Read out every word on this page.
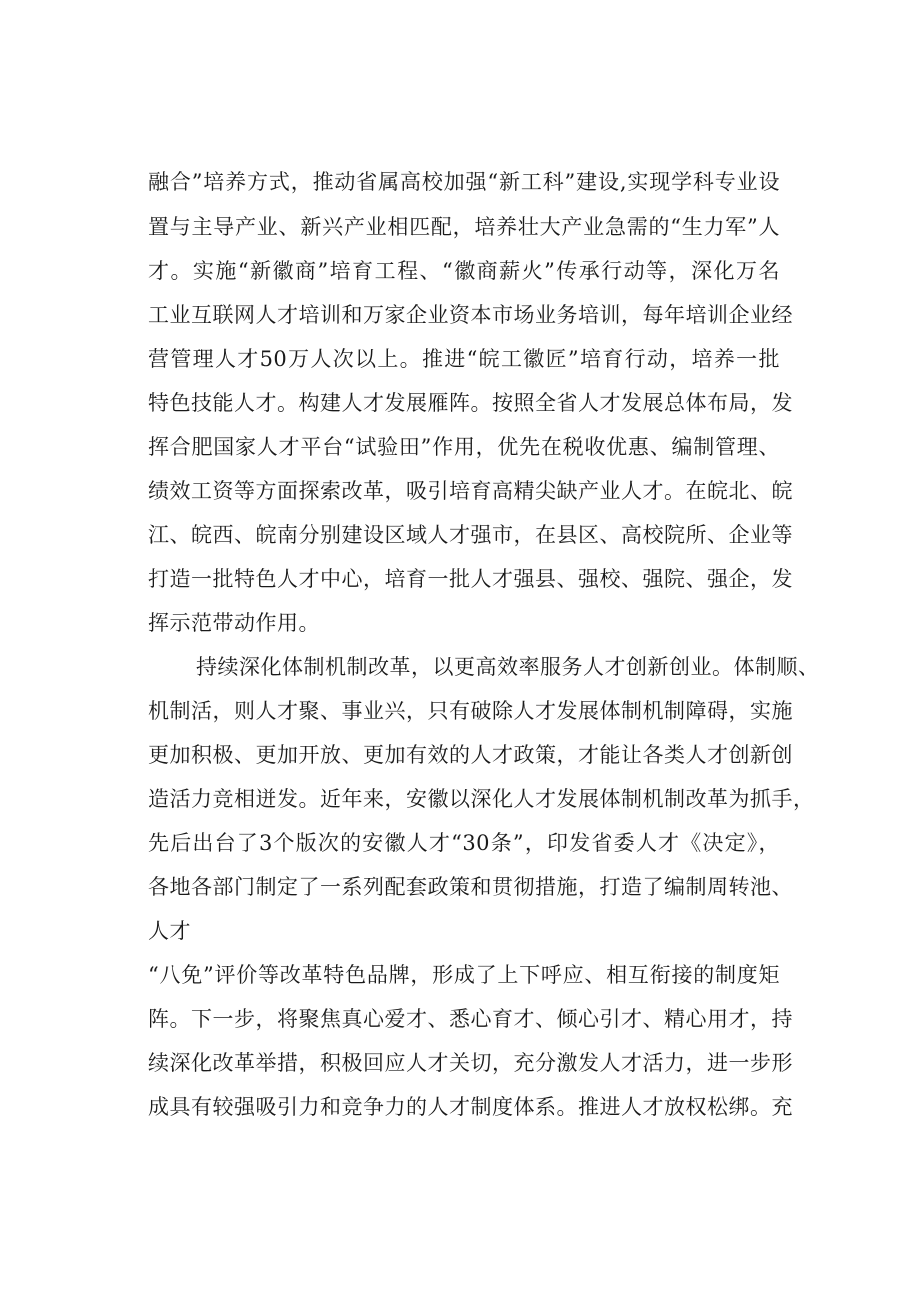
融合”培养方式，推动省属高校加强“新工科”建设,实现学科专业设
置与主导产业、新兴产业相匹配，培养壮大产业急需的“生力军”人
才。实施“新徽商”培育工程、“徽商薪火”传承行动等，深化万名
工业互联网人才培训和万家企业资本市场业务培训，每年培训企业经
营管理人才50万人次以上。推进“皖工徽匠”培育行动，培养一批
特色技能人才。构建人才发展雁阵。按照全省人才发展总体布局，发
挥合肥国家人才平台“试验田”作用，优先在税收优惠、编制管理、
绩效工资等方面探索改革，吸引培育高精尖缺产业人才。在皖北、皖
江、皖西、皖南分别建设区域人才强市，在县区、高校院所、企业等
打造一批特色人才中心，培育一批人才强县、强校、强院、强企，发
挥示范带动作用。
持续深化体制机制改革，以更高效率服务人才创新创业。体制顺、
机制活，则人才聚、事业兴，只有破除人才发展体制机制障碍，实施
更加积极、更加开放、更加有效的人才政策，才能让各类人才创新创
造活力竞相迸发。近年来，安徽以深化人才发展体制机制改革为抓手，
先后出台了3个版次的安徽人才“30条”，印发省委人才《决定》，
各地各部门制定了一系列配套政策和贯彻措施，打造了编制周转池、
人才
“八免”评价等改革特色品牌，形成了上下呼应、相互衔接的制度矩
阵。下一步，将聚焦真心爱才、悉心育才、倾心引才、精心用才，持
续深化改革举措，积极回应人才关切，充分激发人才活力，进一步形
成具有较强吸引力和竞争力的人才制度体系。推进人才放权松绑。充
